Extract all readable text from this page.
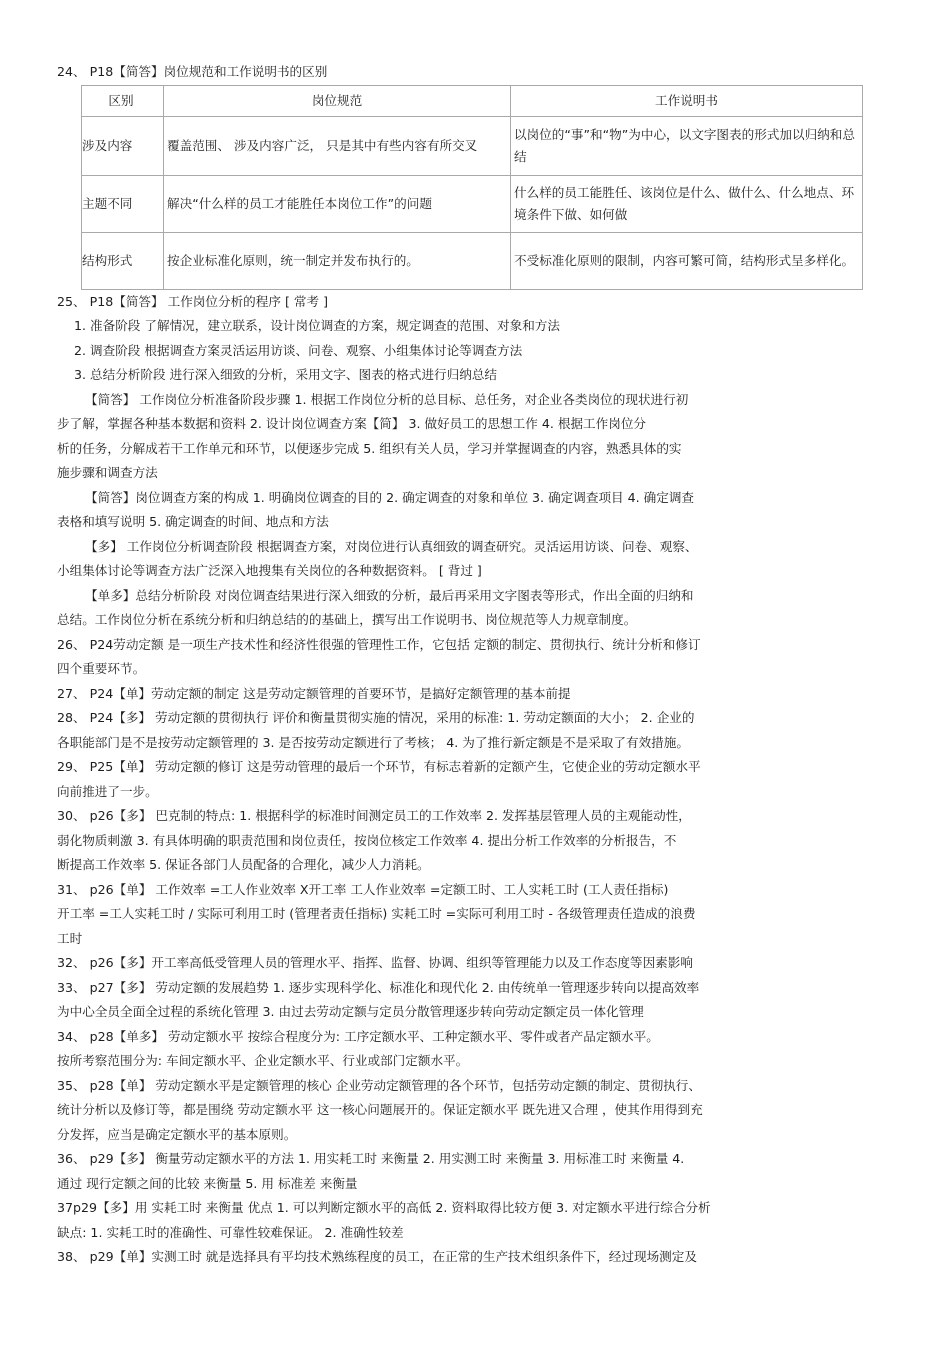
24、 P18【简答】岗位规范和工作说明书的区别
区别	岗位规范	工作说明书
涉及内容	覆盖范围、 涉及内容广泛， 只是其中有些内容有所交叉	以岗位的“事”和“物”为中心，以文字图表的形式加以归纳和总结
主题不同	解决“什么样的员工才能胜任本岗位工作”的问题	什么样的员工能胜任、该岗位是什么、做什么、什么地点、环境条件下做、如何做
结构形式	按企业标准化原则，统一制定并发布执行的。	不受标准化原则的限制，内容可繁可简，结构形式呈多样化。
25、 P18【简答】 工作岗位分析的程序 [ 常考 ]
1. 准备阶段 了解情况，建立联系，设计岗位调查的方案，规定调查的范围、对象和方法
2. 调查阶段 根据调查方案灵活运用访谈、问卷、观察、小组集体讨论等调查方法
3. 总结分析阶段 进行深入细致的分析，采用文字、图表的格式进行归纳总结
【简答】 工作岗位分析准备阶段步骤 1. 根据工作岗位分析的总目标、总任务，对企业各类岗位的现状进行初
步了解，掌握各种基本数据和资料 2. 设计岗位调查方案【简】 3. 做好员工的思想工作 4. 根据工作岗位分
析的任务，分解成若干工作单元和环节，以便逐步完成 5. 组织有关人员，学习并掌握调查的内容，熟悉具体的实
施步骤和调查方法
【简答】岗位调查方案的构成 1. 明确岗位调查的目的 2. 确定调查的对象和单位 3. 确定调查项目 4. 确定调查
表格和填写说明 5. 确定调查的时间、地点和方法
【多】 工作岗位分析调查阶段 根据调查方案，对岗位进行认真细致的调查研究。灵活运用访谈、问卷、观察、
小组集体讨论等调查方法广泛深入地搜集有关岗位的各种数据资料。 [ 背过 ]
【单多】总结分析阶段 对岗位调查结果进行深入细致的分析，最后再采用文字图表等形式，作出全面的归纳和
总结。工作岗位分析在系统分析和归纳总结的的基础上，撰写出工作说明书、岗位规范等人力规章制度。
26、 P24劳动定额 是一项生产技术性和经济性很强的管理性工作，它包括 定额的制定、贯彻执行、统计分析和修订
四个重要环节。
27、 P24【单】劳动定额的制定 这是劳动定额管理的首要环节，是搞好定额管理的基本前提
28、 P24【多】 劳动定额的贯彻执行 评价和衡量贯彻实施的情况，采用的标准: 1. 劳动定额面的大小； 2. 企业的
各职能部门是不是按劳动定额管理的 3. 是否按劳动定额进行了考核； 4. 为了推行新定额是不是采取了有效措施。
29、 P25【单】 劳动定额的修订 这是劳动管理的最后一个环节，有标志着新的定额产生，它使企业的劳动定额水平
向前推进了一步。
30、 p26【多】 巴克制的特点: 1. 根据科学的标准时间测定员工的工作效率 2. 发挥基层管理人员的主观能动性，
弱化物质刺激 3. 有具体明确的职责范围和岗位责任，按岗位核定工作效率 4. 提出分析工作效率的分析报告，不
断提高工作效率 5. 保证各部门人员配备的合理化，减少人力消耗。
31、 p26【单】 工作效率 =工人作业效率 X开工率 工人作业效率 =定额工时、工人实耗工时 (工人责任指标)
开工率 =工人实耗工时 / 实际可利用工时 (管理者责任指标) 实耗工时 =实际可利用工时 - 各级管理责任造成的浪费
工时
32、 p26【多】开工率高低受管理人员的管理水平、指挥、监督、协调、组织等管理能力以及工作态度等因素影响
33、 p27【多】 劳动定额的发展趋势 1. 逐步实现科学化、标准化和现代化 2. 由传统单一管理逐步转向以提高效率
为中心全员全面全过程的系统化管理 3. 由过去劳动定额与定员分散管理逐步转向劳动定额定员一体化管理
34、 p28【单多】 劳动定额水平 按综合程度分为: 工序定额水平、工种定额水平、零件或者产品定额水平。
按所考察范围分为: 车间定额水平、企业定额水平、行业或部门定额水平。
35、 p28【单】 劳动定额水平是定额管理的核心 企业劳动定额管理的各个环节，包括劳动定额的制定、贯彻执行、
统计分析以及修订等，都是围绕 劳动定额水平 这一核心问题展开的。保证定额水平 既先进又合理 ，使其作用得到充
分发挥，应当是确定定额水平的基本原则。
36、 p29【多】 衡量劳动定额水平的方法 1. 用实耗工时 来衡量 2. 用实测工时 来衡量 3. 用标准工时 来衡量 4.
通过 现行定额之间的比较 来衡量 5. 用 标准差 来衡量
37p29【多】用 实耗工时 来衡量 优点 1. 可以判断定额水平的高低 2. 资料取得比较方便 3. 对定额水平进行综合分析
缺点: 1. 实耗工时的准确性、可靠性较难保证。 2. 准确性较差
38、 p29【单】实测工时 就是选择具有平均技术熟练程度的员工，在正常的生产技术组织条件下，经过现场测定及
